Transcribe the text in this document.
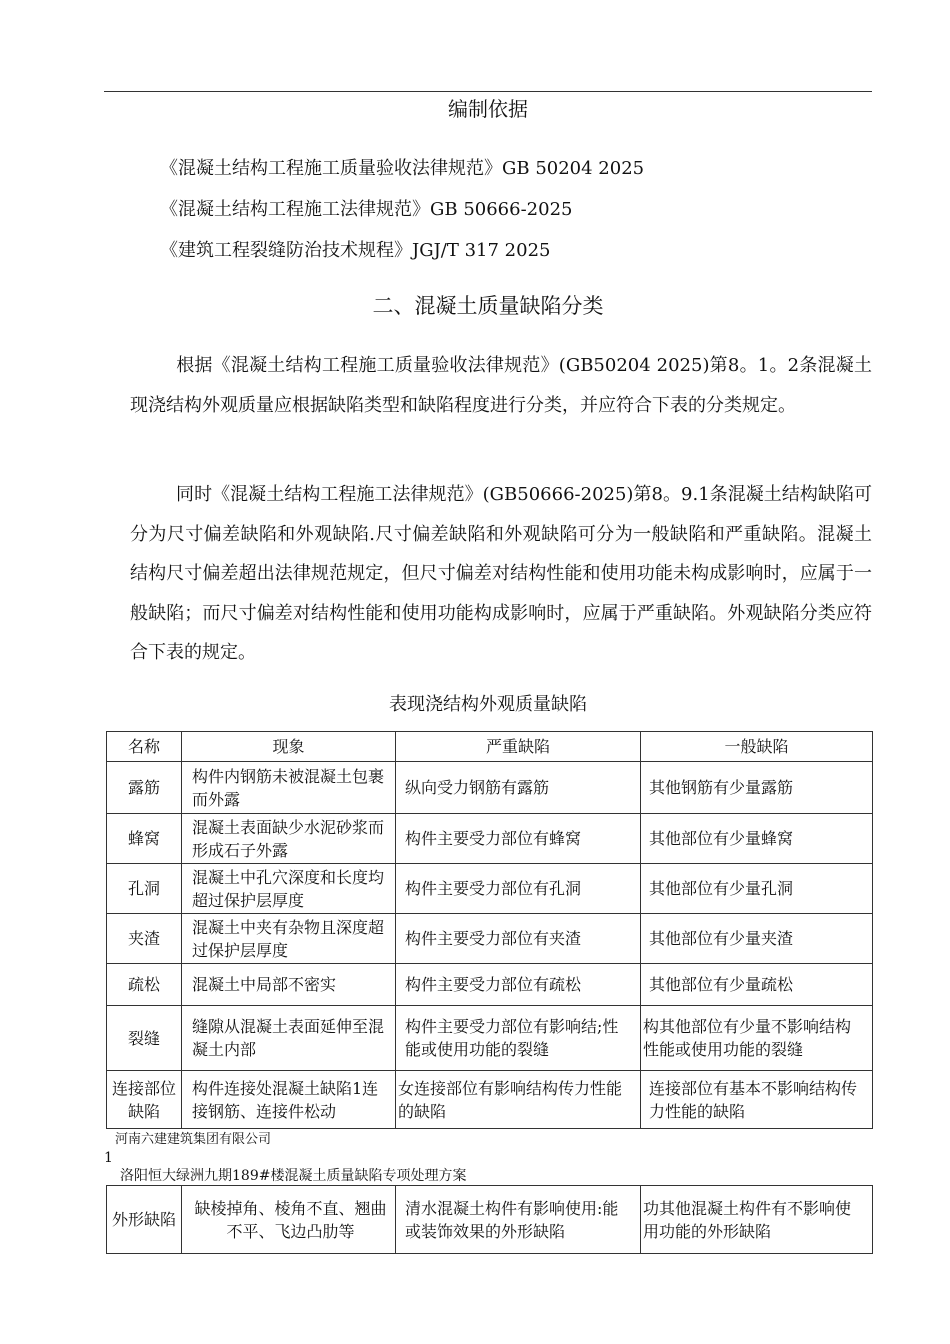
编制依据
《混凝土结构工程施工质量验收法律规范》GB 50204 2025
《混凝土结构工程施工法律规范》GB 50666-2025
《建筑工程裂缝防治技术规程》JGJ/T 317 2025
二、混凝土质量缺陷分类

根据《混凝土结构工程施工质量验收法律规范》(GB50204 2025)第8。1。2条混凝土现浇结构外观质量应根据缺陷类型和缺陷程度进行分类，并应符合下表的分类规定。

同时《混凝土结构工程施工法律规范》(GB50666-2025)第8。9.1条混凝土结构缺陷可分为尺寸偏差缺陷和外观缺陷.尺寸偏差缺陷和外观缺陷可分为一般缺陷和严重缺陷。混凝土结构尺寸偏差超出法律规范规定，但尺寸偏差对结构性能和使用功能未构成影响时，应属于一般缺陷；而尺寸偏差对结构性能和使用功能构成影响时，应属于严重缺陷。外观缺陷分类应符合下表的规定。

表现浇结构外观质量缺陷
名称	现象	严重缺陷	一般缺陷
露筋	构件内钢筋未被混凝土包裹而外露	纵向受力钢筋有露筋	其他钢筋有少量露筋
蜂窝	混凝土表面缺少水泥砂浆而形成石子外露	构件主要受力部位有蜂窝	其他部位有少量蜂窝
孔洞	混凝土中孔穴深度和长度均超过保护层厚度	构件主要受力部位有孔洞	其他部位有少量孔洞
夹渣	混凝土中夹有杂物且深度超过保护层厚度	构件主要受力部位有夹渣	其他部位有少量夹渣
疏松	混凝土中局部不密实	构件主要受力部位有疏松	其他部位有少量疏松
裂缝	缝隙从混凝土表面延伸至混凝土内部	构件主要受力部位有影响结;性能或使用功能的裂缝	构其他部位有少量不影响结构性能或使用功能的裂缝
连接部位缺陷	构件连接处混凝土缺陷1连接钢筋、连接件松动	女连接部位有影响结构传力性能的缺陷	连接部位有基本不影响结构传力性能的缺陷
河南六建建筑集团有限公司
1
洛阳恒大绿洲九期189#楼混凝土质量缺陷专项处理方案
外形缺陷	缺棱掉角、棱角不直、翘曲不平、飞边凸肋等	清水混凝土构件有影响使用:能或装饰效果的外形缺陷	功其他混凝土构件有不影响使用功能的外形缺陷
